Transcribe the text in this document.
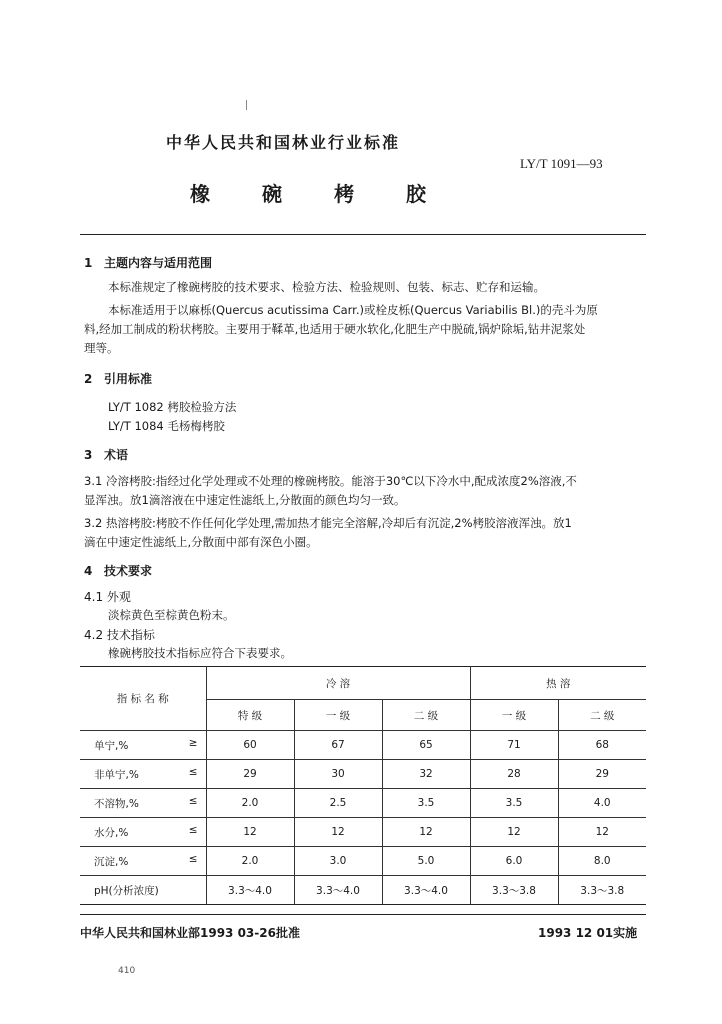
中华人民共和国林业行业标准
LY/T 1091—93
橡	碗	栲	胶
1 主题内容与适用范围
本标准规定了橡碗栲胶的技术要求、检验方法、检验规则、包装、标志、贮存和运输。
本标准适用于以麻栎(Quercus acutissima Carr.)或栓皮栎(Quercus Variabilis Bl.)的壳斗为原
料,经加工制成的粉状栲胶。主要用于鞣革,也适用于硬水软化,化肥生产中脱硫,锅炉除垢,钻井泥浆处
理等。
2 引用标准
LY/T 1082 栲胶检验方法
LY/T 1084 毛杨梅栲胶
3 术语
3.1 冷溶栲胶:指经过化学处理或不处理的橡碗栲胶。能溶于30℃以下冷水中,配成浓度2%溶液,不
显浑浊。放1滴溶液在中速定性滤纸上,分散面的颜色均匀一致。
3.2 热溶栲胶:栲胶不作任何化学处理,需加热才能完全溶解,冷却后有沉淀,2%栲胶溶液浑浊。放1
滴在中速定性滤纸上,分散面中部有深色小圈。
4 技术要求
4.1 外观
淡棕黄色至棕黄色粉末。
4.2 技术指标
橡碗栲胶技术指标应符合下表要求。
指 标 名 称	冷 溶			热 溶	
	特 级	一 级	二 级	一 级	二 级
单宁,% ≥	60	67	65	71	68
非单宁,% ≤	29	30	32	28	29
不溶物,% ≤	2.0	2.5	3.5	3.5	4.0
水分,% ≤	12	12	12	12	12
沉淀,% ≤	2.0	3.0	5.0	6.0	8.0
pH(分析浓度)	3.3～4.0	3.3～4.0	3.3～4.0	3.3～3.8	3.3～3.8
中华人民共和国林业部1993 03-26批准	1993 12 01实施
410
